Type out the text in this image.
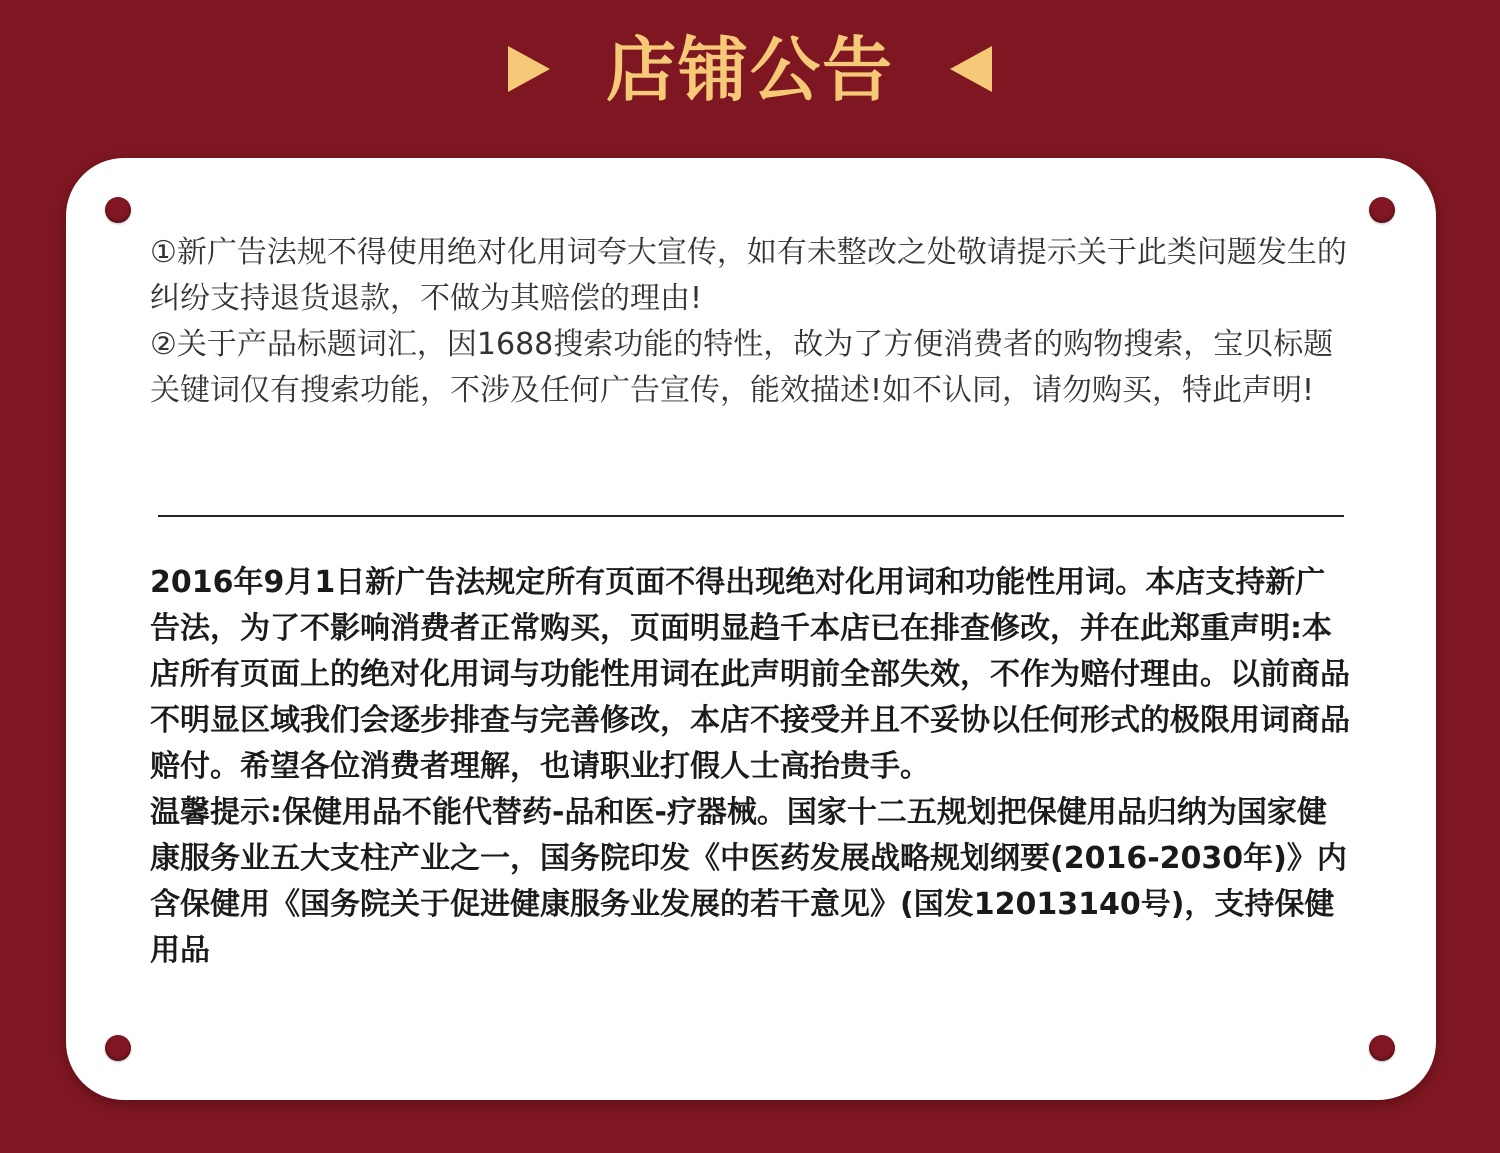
店铺公告

①新广告法规不得使用绝对化用词夸大宣传，如有未整改之处敬请提示关于此类问题发生的纠纷支持退货退款，不做为其赔偿的理由!

②关于产品标题词汇，因1688搜索功能的特性，故为了方便消费者的购物搜索，宝贝标题关键词仅有搜索功能，不涉及任何广告宣传，能效描述!如不认同，请勿购买，特此声明!

2016年9月1日新广告法规定所有页面不得出现绝对化用词和功能性用词。本店支持新广告法，为了不影响消费者正常购买，页面明显趋千本店已在排查修改，并在此郑重声明:本店所有页面上的绝对化用词与功能性用词在此声明前全部失效，不作为赔付理由。以前商品不明显区域我们会逐步排查与完善修改，本店不接受并且不妥协以任何形式的极限用词商品赔付。希望各位消费者理解，也请职业打假人士高抬贵手。

温馨提示:保健用品不能代替药-品和医-疗器械。国家十二五规划把保健用品归纳为国家健康服务业五大支柱产业之一，国务院印发《中医药发展战略规划纲要(2016-2030年)》内含保健用《国务院关于促进健康服务业发展的若干意见》(国发12013140号)，支持保健用品
